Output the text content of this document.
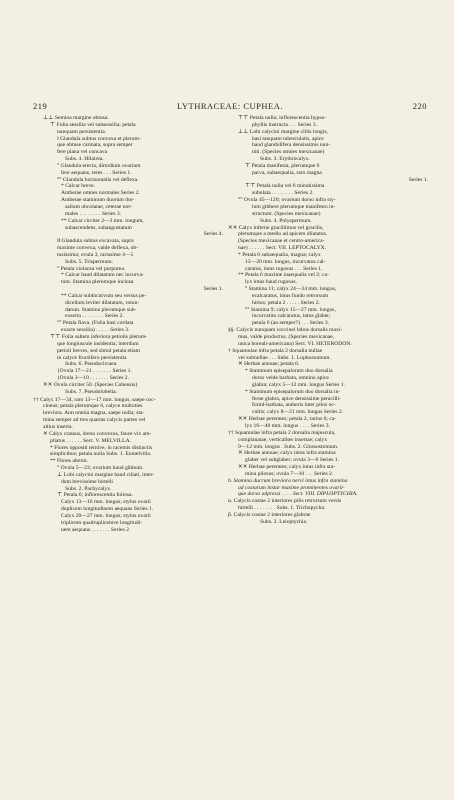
219	LYTHRACEAE: CUPHEA.	220
⊥⊥ Semina margine obtusa.
⊤ Folia sessilia vel subsessilia; petala
nunquam persistentia.
‖ Glandula subtus convexa et plerum-
que obtuse carinata, supra semper
fere plana vel concava
Subs. 4. Hilairea.
° Glandula erecta, dimidium ovarium
fere aequans, teres . . . Series 1.
°° Glandula horizontalis vel deflexa.
* Calcar breve.
Antherae omnes normales Series 2.
Antherae staminum duorum dor-
salium obcolatae, ceterae nor-
males . . . . . . . . Series 3.
** Calcar circiter 2—3 mm. longum,
subascendens, subangustatum
Series 4.
‖‖ Glandula subtus excavata, supra
maxime convexa, valde deflexa, ob-
tusissima; ovula 3, rarissime 4—5
Subs. 5. Trispermum.
° Petala violacea vel purpurea.
* Calcar haud dilatatum nec incurva-
tum. Stamina plerumque inclusa
Series 1.
** Calcar subincurvum seu versus pe-
dicellum leviter dilatatum, rotun-
datum. Stamina plerumque sub-
exserta . . . . . . . . Series 2.
°° Petala flava. (Folia basi cordata
exacte sessilia) . . . . . Series 3.
⊤⊤ Folia saltem inferiora petiolis plerum-
que longiuscule insidentia; interdum
petioli breves, sed simul petala etiam
in calyce fructifero persistentia
Subs. 6. Pseudocircaea.
{Ovula 17—21 . . . . . . . Series 1.
{Ovula 3—10 . . . . . . . Series 2.
✕✕ Ovula circiter 50. (Species Cubensis)
Subs. 7. Pseudolobelia.
†† Calyx 17—34, raro 13—17 mm. longus, saepe coc-
cineus; petala plerumque 6, calyce multoties
breviora. Ann omnia magna, saepe nulla; sta-
mina semper ad tres quartas calycis partes vel
altius inserta.
✕ Calyx crassus, dorso convexus, fauce vix am-
pliatus . . . . . . Sect. V. MELVILLA.
* Flores oppositi ternive, in racemis distinctis
simplicibus; petala nulla Subs. 1. Eumelvilla.
** Flores alterni.
° Ovula 5—23; ovarium haud gibbum.
⊥ Lobi calycini margine haud ciliati, inter-
dum brevissime hirtelli
Subs. 2. Pachycalyx.
⊤ Petala 6; inflorescentia foliosa.
Calyx 13—16 mm. longus; stylus ovarii
duplicem longitudinem aequans Series 1.
Calyx 20—27 mm. longus; stylus ovarii
triplicem quadruplicemve longitudi-
nem aequans . . . . . . . Series 2.
⊤⊤ Petala nulla; inflorescentia hypso-
phyllis instructa . . . Series 3.
⊥⊥ Lobi calycini margine ciliis longis,
basi tanquam tuberculatis, apice
haud glandulifera densissimis nun-
niti. (Species omnes mexicanae)
Subs. 3. Erythrocalyx.
⊤ Petala manifesta, plerumque 6
parva, subaequalia, raro magna
Series 1.
⊤⊤ Petala nulla vel 6 minutissima
subulata . . . . . . . . Series 2.
°° Ovula 45—120; ovarium dorso infra sty-
lum gibbere plerumque manifesto in-
structum. (Species mexicanae)
Subs. 4. Polyspermum.
✕✕ Calyx inferne gracillimus vel gracilis,
plerumque a medio ad apicem dilatatus.
(Species mexicanae et centro-america-
nae) . . . . . . Sect. VII. LEPTOCALYX.
* Petala 6 subaequalia, magna; calyx
13—20 mm. longus, incurvatus cal-
caratus, intus rugosus . . . Series 1.
** Petala 6 maxime inaequalia vel 2; ca-
lyx intus haud rugosus.
° Stamina 11; calyx 24—34 mm. longus,
ecalcaratus, intus fundo retrorsum
hirtus; petala 2 . . . . . Series 2.
°° Stamina 9; calyx 15—27 mm. longus,
incurvatim calcaratus, intus glaber;
petala 6 (an semper?) . . . Series 3.
§§. Calycis nunquam coccinei lobus dorsalis maxi-
mus, valde productus. (Species mexicanae,
unica boreali-americana) Sect. VI. HETERODON.
† Squamulae infra petala 2 dorsalia nullae
vel subnullae . . . Subs. 1. Lophostomum.
✕ Herbae annuae; petala 6.
* Staminum episepalorum duo dorsalia
dorso velde barbata, omnino apice
glabra; calyx 5—12 mm. longus Series 1.
* Staminum episepalorum duo dorsalia in-
ferne glabra, apice densissime penicilli-
forml-barbata, antheris inter pilos oc-
cultis; calyx 8—21 mm. longus Series 2.
✕✕ Herbae perennes; petala 2, rarius 6; ca-
lyx 16—40 mm. longus . . . . Series 3.
†† Squamulae infra petala 2 dorsalia majuscula,
complanatae, verticaliter insertae; calyx
9—12 mm. longus . Subs. 2. Glossostomum.
✕ Herbae annuae; calyx intus infra stamina
glaber vel subglaber; ovula 3—6 Series 1.
✕✕ Herbae perennes; calyx intus infra sta-
mina pilosus; ovula 7—10 . . . Series 2.
b. Stamina ducrum breviora nervi intus infra stamina
ad costarum instar maxime prominentes ovarii-
que dorso adpressi . . . . Sect. VIII. DIPLOPTYCHIA.
α. Calycis costae 2 interiores pilis retrorsum versis
hirtelli . . . . . . . . Subs. 1. Trichopycha.
β. Calycis costae 2 interiores glabrae
Subs. 2. Leioptychia.
